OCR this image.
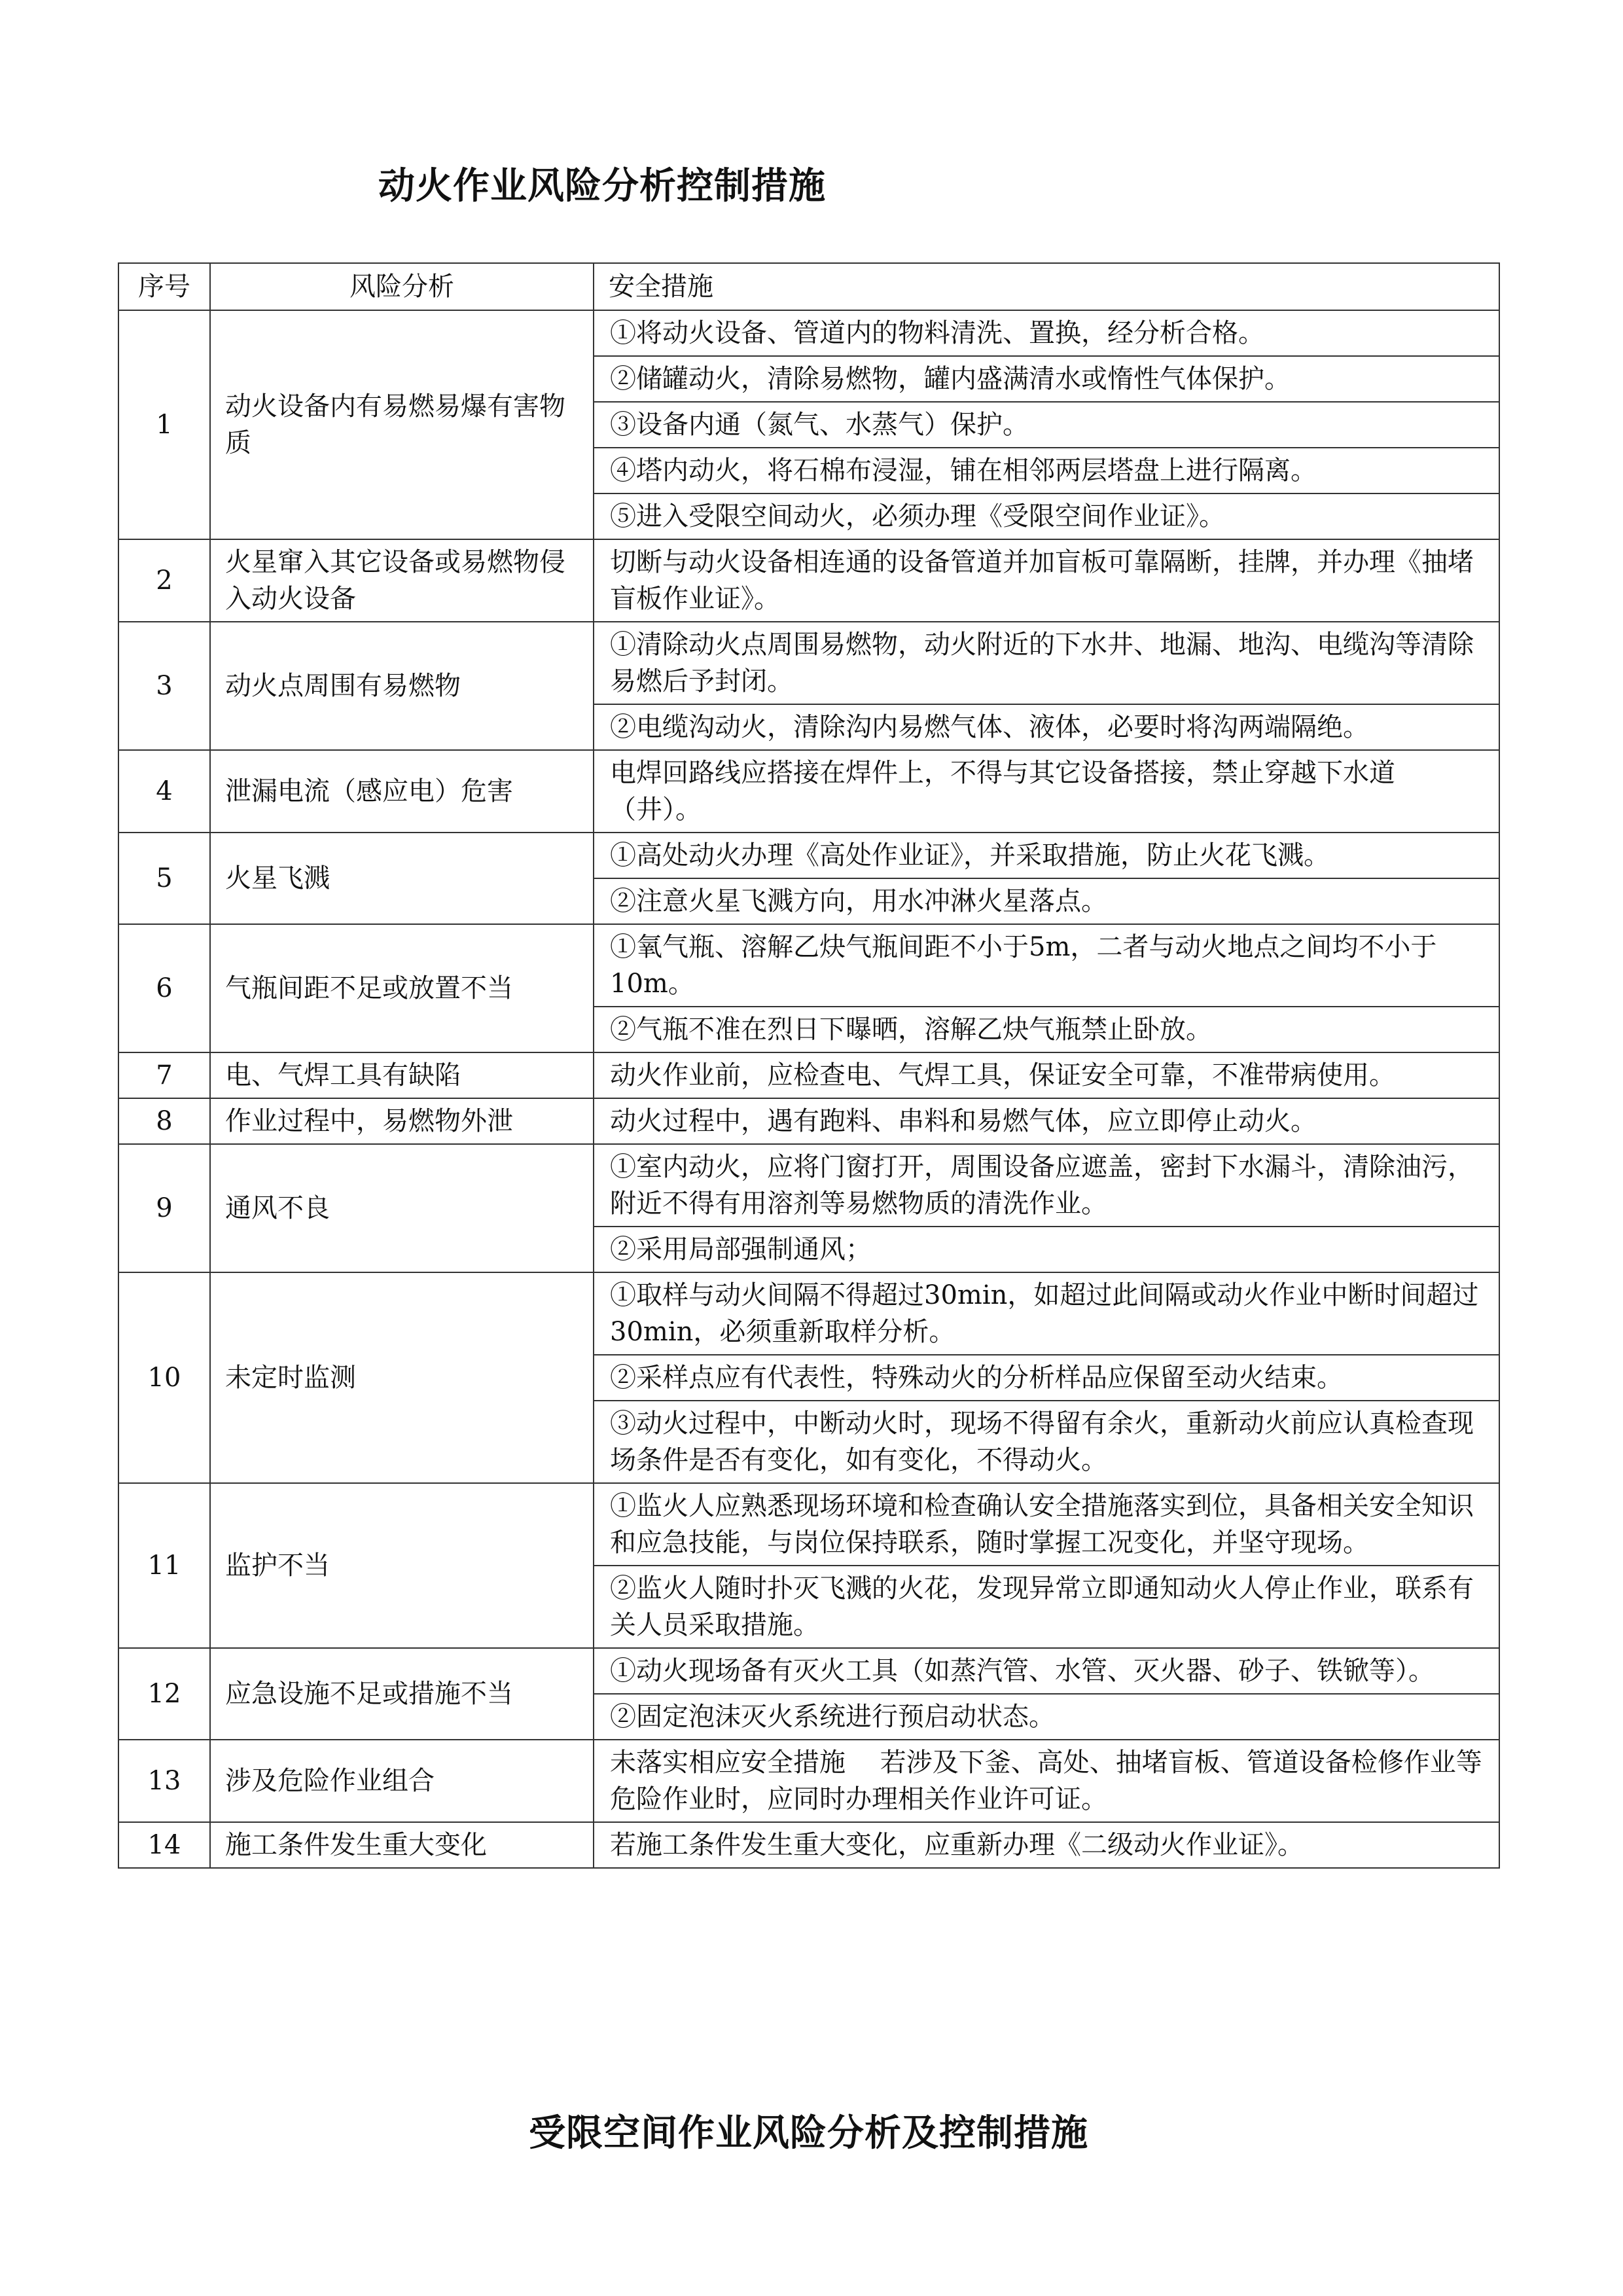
动火作业风险分析控制措施
序号	风险分析	安全措施
1	动火设备内有易燃易爆有害物质	①将动火设备、管道内的物料清洗、置换，经分析合格。
		②储罐动火，清除易燃物，罐内盛满清水或惰性气体保护。
		③设备内通（氮气、水蒸气）保护。
		④塔内动火，将石棉布浸湿，铺在相邻两层塔盘上进行隔离。
		⑤进入受限空间动火，必须办理《受限空间作业证》。
2	火星窜入其它设备或易燃物侵入动火设备	切断与动火设备相连通的设备管道并加盲板可靠隔断，挂牌，并办理《抽堵盲板作业证》。
3	动火点周围有易燃物	①清除动火点周围易燃物，动火附近的下水井、地漏、地沟、电缆沟等清除易燃后予封闭。
		②电缆沟动火，清除沟内易燃气体、液体，必要时将沟两端隔绝。
4	泄漏电流（感应电）危害	电焊回路线应搭接在焊件上，不得与其它设备搭接，禁止穿越下水道（井）。
5	火星飞溅	①高处动火办理《高处作业证》，并采取措施，防止火花飞溅。
		②注意火星飞溅方向，用水冲淋火星落点。
6	气瓶间距不足或放置不当	①氧气瓶、溶解乙炔气瓶间距不小于5m，二者与动火地点之间均不小于10m。
		②气瓶不准在烈日下曝晒，溶解乙炔气瓶禁止卧放。
7	电、气焊工具有缺陷	动火作业前，应检查电、气焊工具，保证安全可靠，不准带病使用。
8	作业过程中，易燃物外泄	动火过程中，遇有跑料、串料和易燃气体，应立即停止动火。
9	通风不良	①室内动火，应将门窗打开，周围设备应遮盖，密封下水漏斗，清除油污，附近不得有用溶剂等易燃物质的清洗作业。
		②采用局部强制通风；
10	未定时监测	①取样与动火间隔不得超过30min，如超过此间隔或动火作业中断时间超过30min，必须重新取样分析。
		②采样点应有代表性，特殊动火的分析样品应保留至动火结束。
		③动火过程中，中断动火时，现场不得留有余火，重新动火前应认真检查现场条件是否有变化，如有变化，不得动火。
11	监护不当	①监火人应熟悉现场环境和检查确认安全措施落实到位，具备相关安全知识和应急技能，与岗位保持联系，随时掌握工况变化，并坚守现场。
		②监火人随时扑灭飞溅的火花，发现异常立即通知动火人停止作业，联系有关人员采取措施。
12	应急设施不足或措施不当	①动火现场备有灭火工具（如蒸汽管、水管、灭火器、砂子、铁锨等）。
		②固定泡沫灭火系统进行预启动状态。
13	涉及危险作业组合	未落实相应安全措施　 若涉及下釜、高处、抽堵盲板、管道设备检修作业等危险作业时，应同时办理相关作业许可证。
14	施工条件发生重大变化	若施工条件发生重大变化，应重新办理《二级动火作业证》。
受限空间作业风险分析及控制措施
